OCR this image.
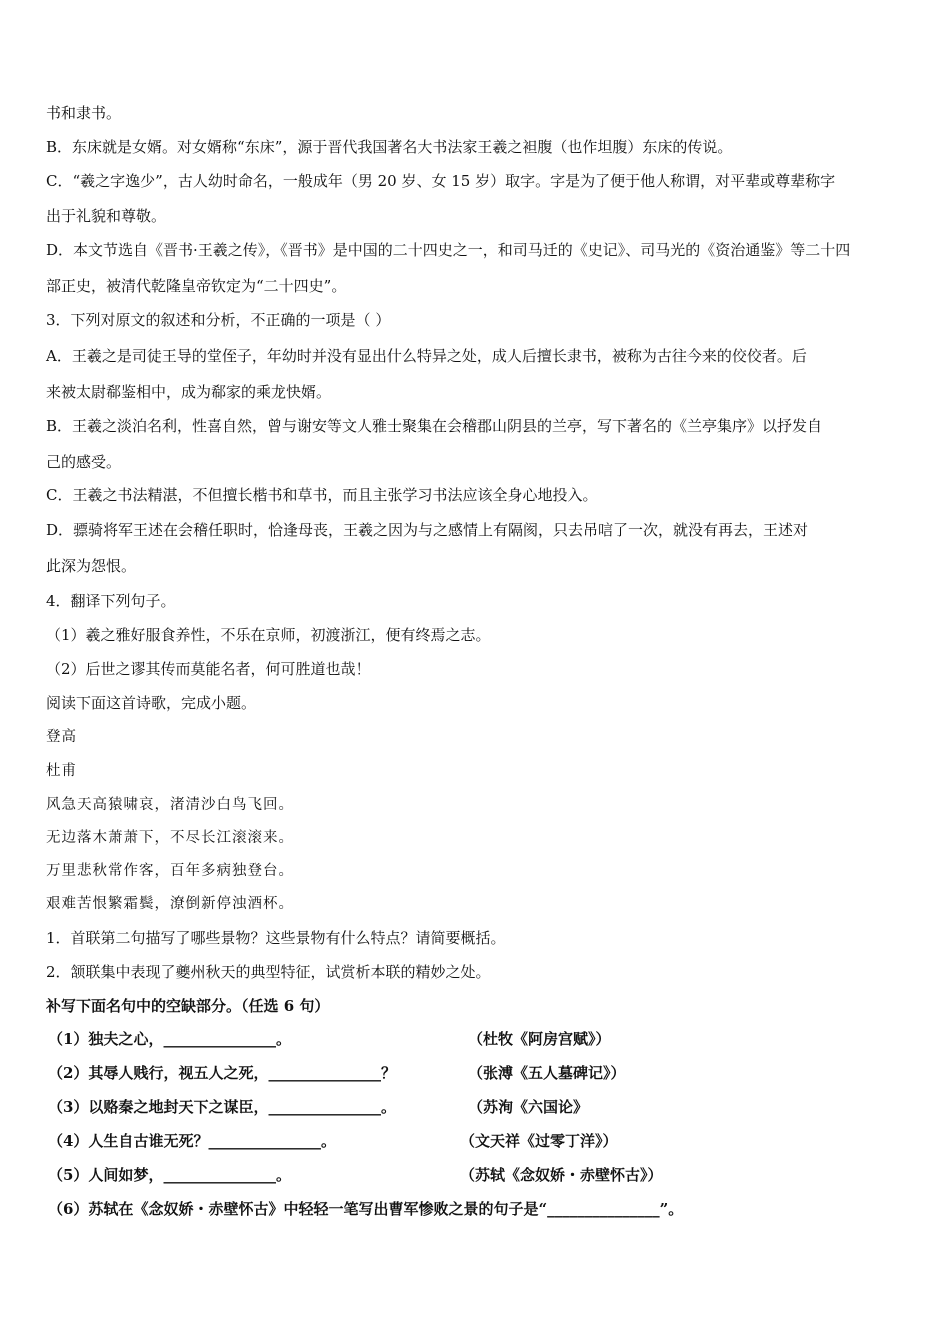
书和隶书。
B．东床就是女婿。对女婿称“东床”，源于晋代我国著名大书法家王羲之袒腹（也作坦腹）东床的传说。
C．“羲之字逸少”，古人幼时命名，一般成年（男 20 岁、女 15 岁）取字。字是为了便于他人称谓，对平辈或尊辈称字
出于礼貌和尊敬。
D．本文节选自《晋书·王羲之传》，《晋书》是中国的二十四史之一，和司马迁的《史记》、司马光的《资治通鉴》等二十四
部正史，被清代乾隆皇帝钦定为“二十四史”。
3．下列对原文的叙述和分析，不正确的一项是（ ）
A．王羲之是司徒王导的堂侄子，年幼时并没有显出什么特异之处，成人后擅长隶书，被称为古往今来的佼佼者。后
来被太尉郗鉴相中，成为郗家的乘龙快婿。
B．王羲之淡泊名利，性喜自然，曾与谢安等文人雅士聚集在会稽郡山阴县的兰亭，写下著名的《兰亭集序》以抒发自
己的感受。
C．王羲之书法精湛，不但擅长楷书和草书，而且主张学习书法应该全身心地投入。
D．骠骑将军王述在会稽任职时，恰逢母丧，王羲之因为与之感情上有隔阂，只去吊唁了一次，就没有再去，王述对
此深为怨恨。
4．翻译下列句子。
（1）羲之雅好服食养性，不乐在京师，初渡浙江，便有终焉之志。
（2）后世之谬其传而莫能名者，何可胜道也哉！
阅读下面这首诗歌，完成小题。
登高
杜甫
风急天高猿啸哀，渚清沙白鸟飞回。
无边落木萧萧下，不尽长江滚滚来。
万里悲秋常作客，百年多病独登台。
艰难苦恨繁霜鬓，潦倒新停浊酒杯。
1．首联第二句描写了哪些景物？这些景物有什么特点？请简要概括。
2．颔联集中表现了夔州秋天的典型特征，试赏析本联的精妙之处。
补写下面名句中的空缺部分。（任选 6 句）
（1）独夫之心，_______________。	（杜牧《阿房宫赋》）
（2）其辱人贱行，视五人之死，_______________？	（张溥《五人墓碑记》）
（3）以赂秦之地封天下之谋臣，_______________。	（苏洵《六国论》
（4）人生自古谁无死？_______________。	（文天祥《过零丁洋》）
（5）人间如梦，_______________。	（苏轼《念奴娇・赤壁怀古》）
（6）苏轼在《念奴娇・赤壁怀古》中轻轻一笔写出曹军惨败之景的句子是“_______________”。
